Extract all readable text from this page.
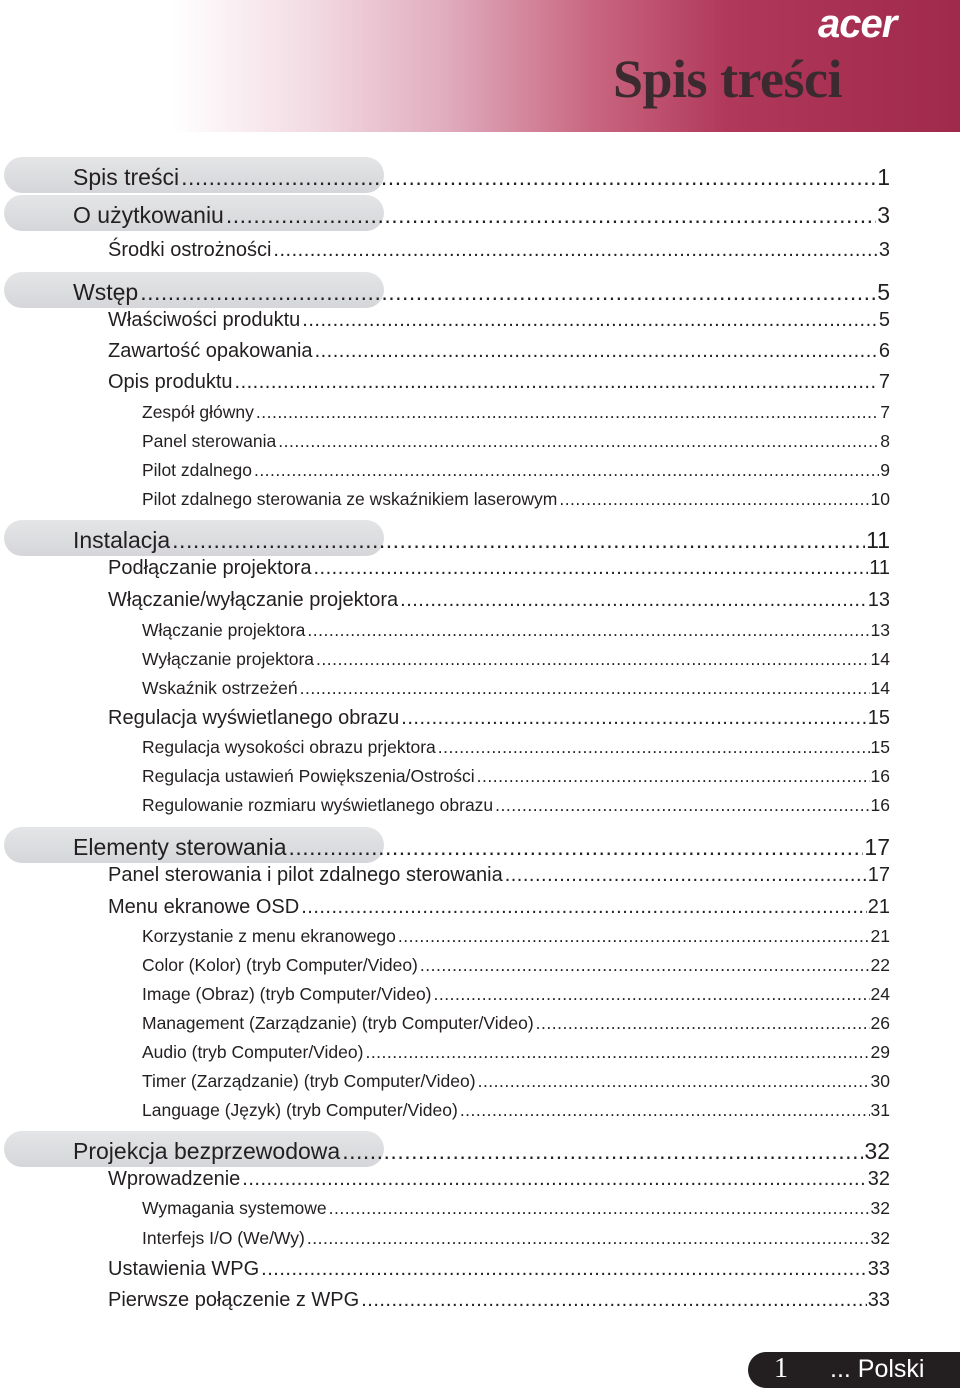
acer
Spis treści
Spis treści .....	1
O użytkowaniu .....	3
Środki ostrożności .....	3
Wstęp .....	5
Właściwości produktu .....	5
Zawartość opakowania .....	6
Opis produktu .....	7
Zespół główny .....	7
Panel sterowania .....	8
Pilot zdalnego .....	9
Pilot zdalnego sterowania ze wskaźnikiem laserowym .....	10
Instalacja .....	11
Podłączanie projektora .....	11
Włączanie/wyłączanie projektora .....	13
Włączanie projektora .....	13
Wyłączanie projektora .....	14
Wskaźnik ostrzeżeń .....	14
Regulacja wyświetlanego obrazu .....	15
Regulacja wysokości obrazu prjektora .....	15
Regulacja ustawień Powiększenia/Ostrości .....	16
Regulowanie rozmiaru wyświetlanego obrazu .....	16
Elementy sterowania .....	17
Panel sterowania i pilot zdalnego sterowania .....	17
Menu ekranowe OSD .....	21
Korzystanie z menu ekranowego .....	21
Color (Kolor) (tryb Computer/Video) .....	22
Image (Obraz) (tryb Computer/Video) .....	24
Management (Zarządzanie) (tryb Computer/Video) .....	26
Audio (tryb Computer/Video) .....	29
Timer (Zarządzanie) (tryb Computer/Video) .....	30
Language (Język) (tryb Computer/Video) .....	31
Projekcja bezprzewodowa .....	32
Wprowadzenie .....	32
Wymagania systemowe .....	32
Interfejs I/O (We/Wy) .....	32
Ustawienia WPG .....	33
Pierwsze połączenie z WPG .....	33
1 ... Polski
